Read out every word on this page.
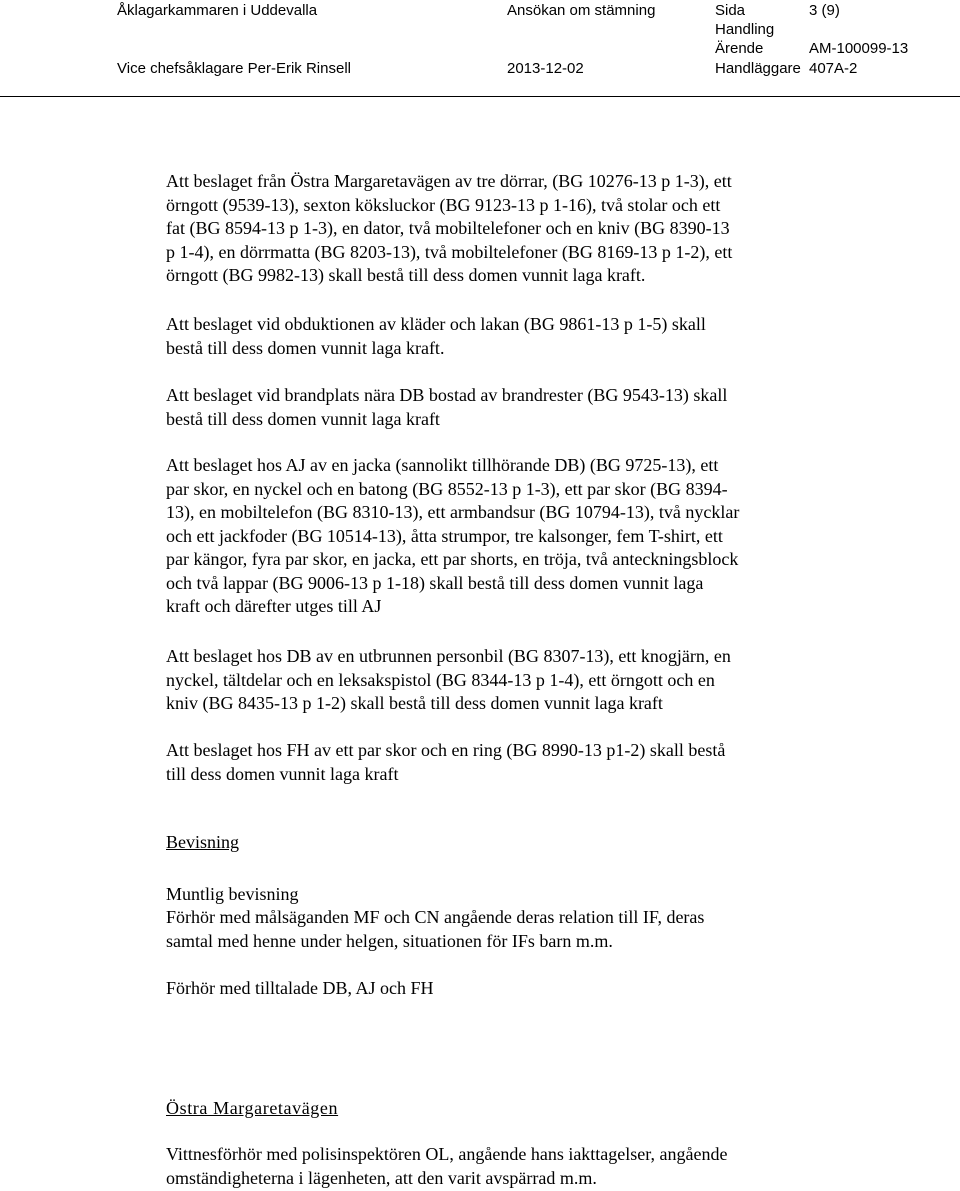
Åklagarkammaren i Uddevalla	Ansökan om stämning	Sida	3 (9)
Handling
Ärende	AM-100099-13
Vice chefsåklagare Per-Erik Rinsell	2013-12-02	Handläggare 407A-2

Att beslaget från Östra Margaretavägen av tre dörrar, (BG 10276-13 p 1-3), ett
örngott (9539-13), sexton köksluckor (BG 9123-13 p 1-16), två stolar och ett
fat (BG 8594-13 p 1-3), en dator, två mobiltelefoner och en kniv (BG 8390-13
p 1-4), en dörrmatta (BG 8203-13), två mobiltelefoner (BG 8169-13 p 1-2), ett
örngott (BG 9982-13) skall bestå till dess domen vunnit laga kraft.

Att beslaget vid obduktionen av kläder och lakan (BG 9861-13 p 1-5) skall
bestå till dess domen vunnit laga kraft.

Att beslaget vid brandplats nära DB bostad av brandrester (BG 9543-13) skall
bestå till dess domen vunnit laga kraft

Att beslaget hos AJ av en jacka (sannolikt tillhörande DB) (BG 9725-13), ett
par skor, en nyckel och en batong (BG 8552-13 p 1-3), ett par skor (BG 8394-
13), en mobiltelefon (BG 8310-13), ett armbandsur (BG 10794-13), två nycklar
och ett jackfoder (BG 10514-13), åtta strumpor, tre kalsonger, fem T-shirt, ett
par kängor, fyra par skor, en jacka, ett par shorts, en tröja, två anteckningsblock
och två lappar (BG 9006-13 p 1-18) skall bestå till dess domen vunnit laga
kraft och därefter utges till AJ

Att beslaget hos DB av en utbrunnen personbil (BG 8307-13), ett knogjärn, en
nyckel, tältdelar och en leksakspistol (BG 8344-13 p 1-4), ett örngott och en
kniv (BG 8435-13 p 1-2) skall bestå till dess domen vunnit laga kraft

Att beslaget hos FH av ett par skor och en ring (BG 8990-13 p1-2) skall bestå
till dess domen vunnit laga kraft

Bevisning

Muntlig bevisning

Förhör med målsäganden MF och CN angående deras relation till IF, deras
samtal med henne under helgen, situationen för IFs barn m.m.

Förhör med tilltalade DB, AJ och FH

Östra Margaretavägen

Vittnesförhör med polisinspektören OL, angående hans iakttagelser, angående
omständigheterna i lägenheten, att den varit avspärrad m.m.
